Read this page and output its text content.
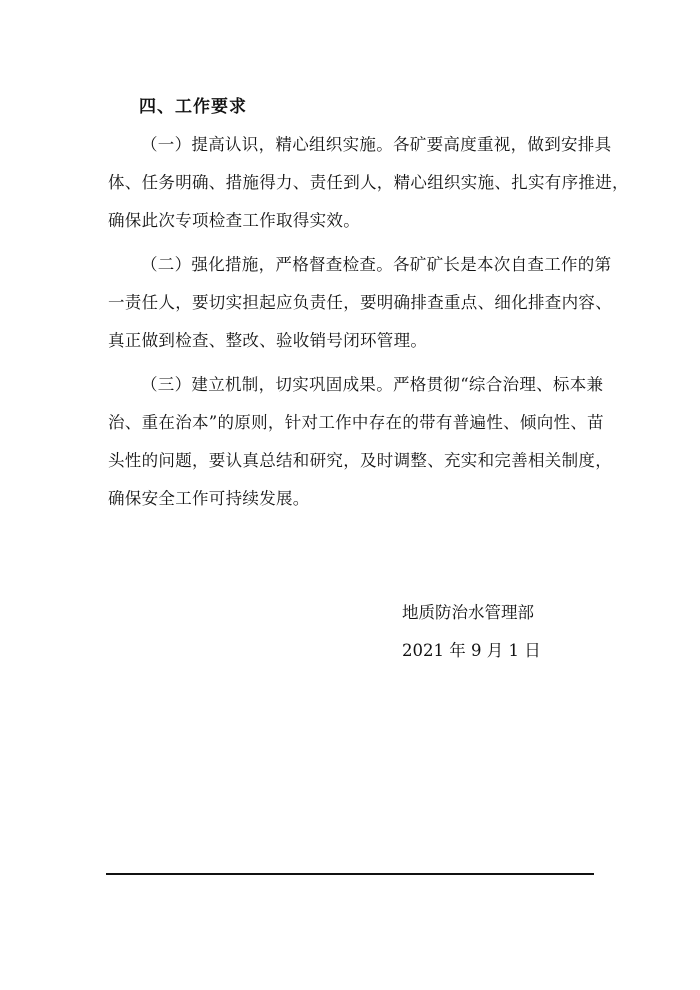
四、工作要求

（一）提高认识，精心组织实施。各矿要高度重视，做到安排具
体、任务明确、措施得力、责任到人，精心组织实施、扎实有序推进，
确保此次专项检查工作取得实效。

（二）强化措施，严格督查检查。各矿矿长是本次自查工作的第
一责任人，要切实担起应负责任，要明确排查重点、细化排查内容、
真正做到检查、整改、验收销号闭环管理。

（三）建立机制，切实巩固成果。严格贯彻“综合治理、标本兼
治、重在治本”的原则，针对工作中存在的带有普遍性、倾向性、苗
头性的问题，要认真总结和研究，及时调整、充实和完善相关制度，
确保安全工作可持续发展。

地质防治水管理部
2021 年 9 月 1 日
